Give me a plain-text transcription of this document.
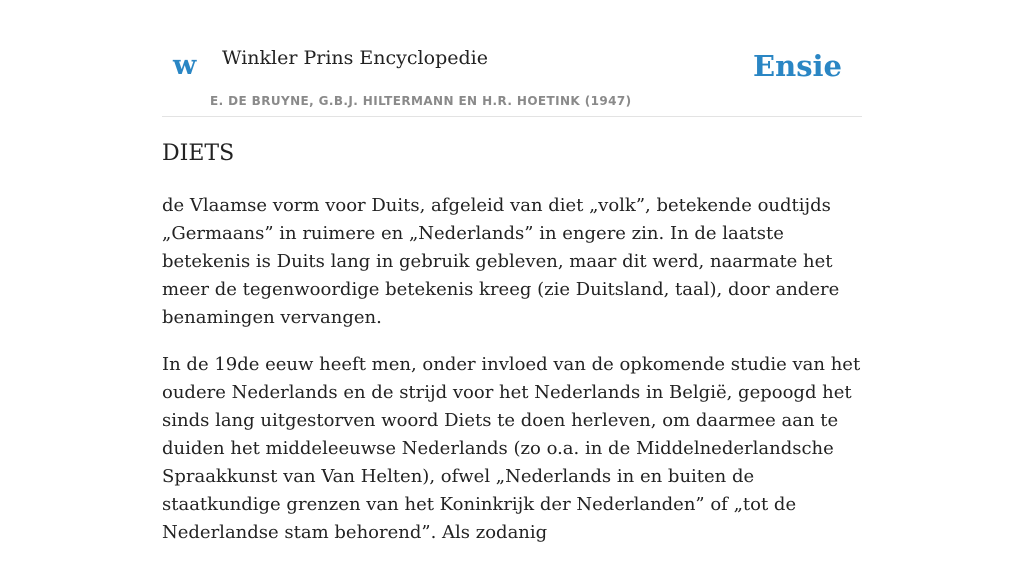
w Winkler Prins Encyclopedie
E. DE BRUYNE, G.B.J. HILTERMANN EN H.R. HOETINK (1947)
Ensie
DIETS

de Vlaamse vorm voor Duits, afgeleid van diet „volk”, betekende oudtijds „Germaans” in ruimere en „Nederlands” in engere zin. In de laatste betekenis is Duits lang in gebruik gebleven, maar dit werd, naarmate het meer de tegenwoordige betekenis kreeg (zie Duitsland, taal), door andere benamingen vervangen.

In de 19de eeuw heeft men, onder invloed van de opkomende studie van het oudere Nederlands en de strijd voor het Nederlands in België, gepoogd het sinds lang uitgestorven woord Diets te doen herleven, om daarmee aan te duiden het middeleeuwse Nederlands (zo o.a. in de Middelnederlandsche Spraakkunst van Van Helten), ofwel „Nederlands in en buiten de staatkundige grenzen van het Koninkrijk der Nederlanden” of „tot de Nederlandse stam behorend”. Als zodanig
